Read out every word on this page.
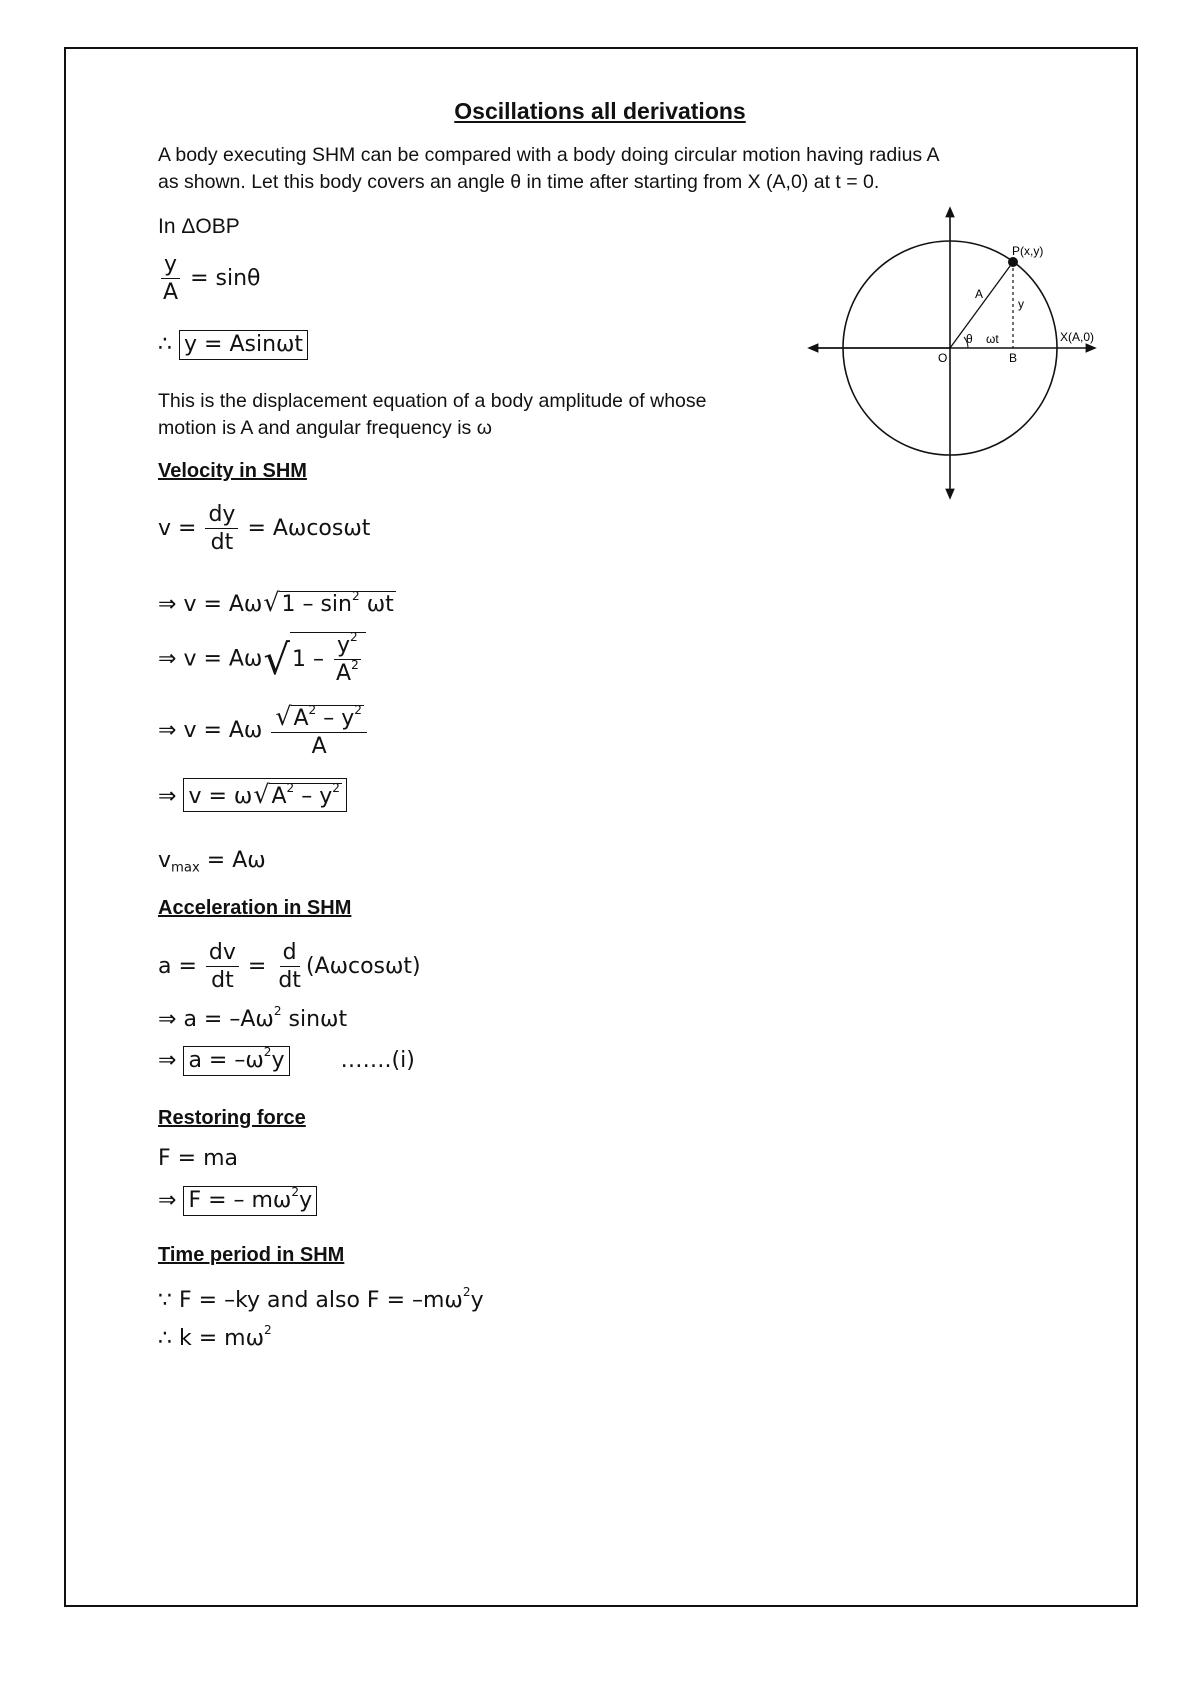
Oscillations all derivations
A body executing SHM can be compared with a body doing circular motion having radius A
as shown. Let this body covers an angle θ in time after starting from X (A,0) at t = 0.
In ΔOBP
$\frac{y}{A} = \sin\theta$
∴ y = Asinωt
This is the displacement equation of a body amplitude of whose
motion is A and angular frequency is ω
P(x,y)
X(A,0)
O	B
A
y
θ ωt
Velocity in SHM
$v = \frac{dy}{dt} = A\omega\cos\omega t$
⇒ $v = A\omega√1 - \sin^2 \omega t$
⇒ $v = A\omega√1 - \frac{y^2}{A^2}$
⇒ v = Aω $\frac{√A^2 - y^2}{A}$
⇒ $v = \omega√A^2 - y^2$
$v_{max} = A\omega$
Acceleration in SHM
$a = \frac{dv}{dt} = \frac{d}{dt} (A\omega\cos\omega t)$
⇒ $a = -A\omega^2$ sinωt
⇒ $a = -\omega^2y$	…….(i)
Restoring force
F = ma
⇒ F = – $m\omega^2y$
Time period in SHM
∵ F = –ky and also $F = -m\omega^2y$
∴ $k = m\omega^2$
